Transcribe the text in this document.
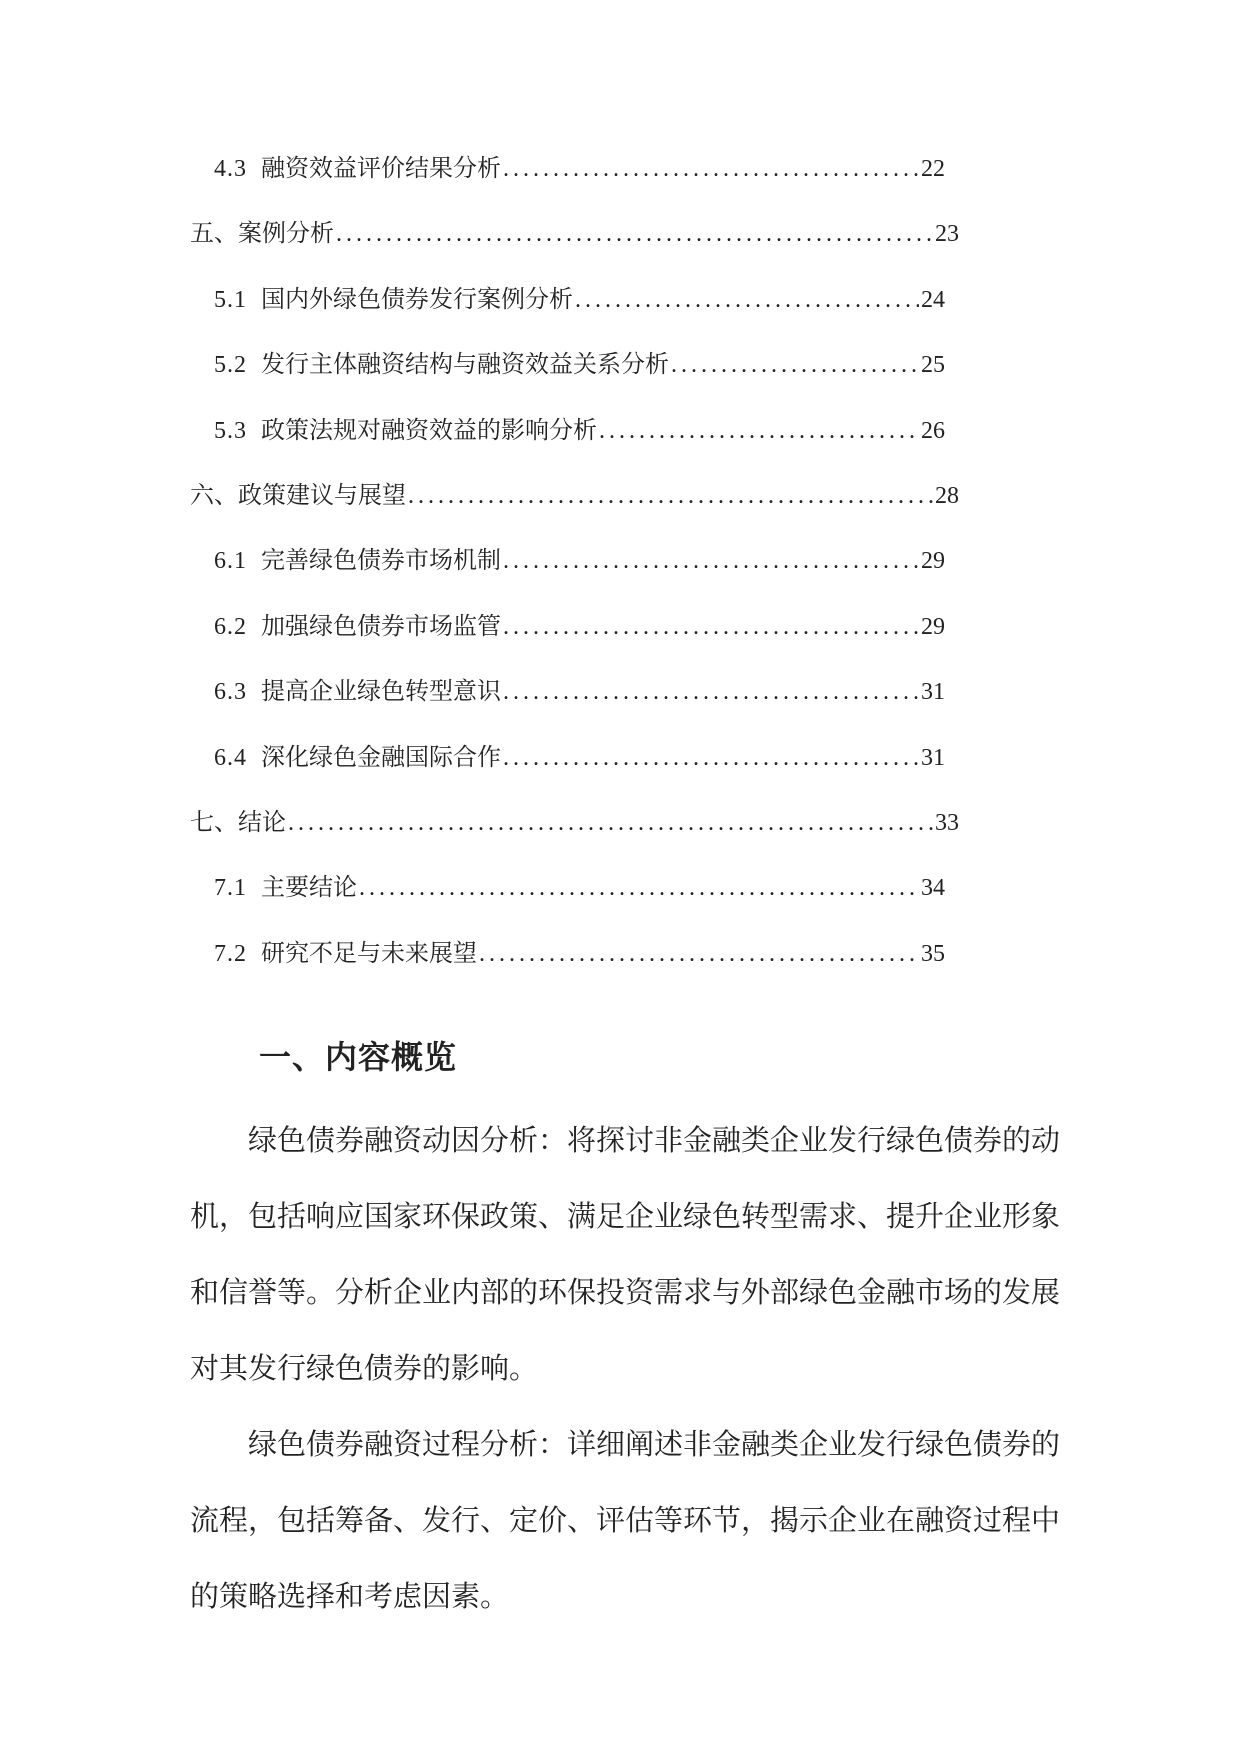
4.3 融资效益评价结果分析 .....	22
五、案例分析 .....	23
5.1 国内外绿色债券发行案例分析 .....	24
5.2 发行主体融资结构与融资效益关系分析 .....	25
5.3 政策法规对融资效益的影响分析 .....	26
六、政策建议与展望 .....	28
6.1 完善绿色债券市场机制 .....	29
6.2 加强绿色债券市场监管 .....	29
6.3 提高企业绿色转型意识 .....	31
6.4 深化绿色金融国际合作 .....	31
七、结论 .....	33
7.1 主要结论 .....	34
7.2 研究不足与未来展望 .....	35
一、内容概览

绿色债券融资动因分析：将探讨非金融类企业发行绿色债券的动机，包括响应国家环保政策、满足企业绿色转型需求、提升企业形象和信誉等。分析企业内部的环保投资需求与外部绿色金融市场的发展对其发行绿色债券的影响。

绿色债券融资过程分析：详细阐述非金融类企业发行绿色债券的流程，包括筹备、发行、定价、评估等环节，揭示企业在融资过程中的策略选择和考虑因素。
